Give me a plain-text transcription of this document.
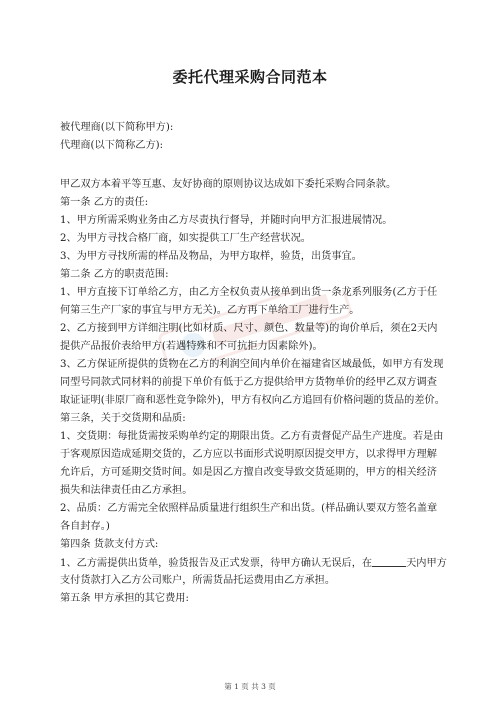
委托代理采购合同范本
被代理商(以下简称甲方):
代理商(以下简称乙方):
甲乙双方本着平等互惠、友好协商的原则协议达成如下委托采购合同条款。
第一条 乙方的责任:
1、甲方所需采购业务由乙方尽责执行督导，并随时向甲方汇报进展情况。
2、为甲方寻找合格厂商，如实提供工厂生产经营状况。
3、为甲方寻找所需的样品及物品，为甲方取样，验货，出货事宜。
第二条 乙方的职责范围:
1、甲方直接下订单给乙方，由乙方全权负责从接单到出货一条龙系列服务(乙方于任
何第三生产厂家的事宜与甲方无关)。乙方再下单给工厂进行生产。
2、乙方接到甲方详细注明(比如材质、尺寸、颜色、数量等)的询价单后，须在2天内
提供产品报价表给甲方(若遇特殊和不可抗拒力因素除外)。
3、乙方保证所提供的货物在乙方的利润空间内单价在福建省区域最低，如甲方有发现
同型号同款式同材料的前提下单价有低于乙方提供给甲方货物单价的经甲乙双方调查
取证证明(非原厂商和恶性竞争除外)，甲方有权向乙方追回有价格问题的货品的差价。
第三条，关于交货期和品质:
1、交货期：每批货需按采购单约定的期限出货。乙方有责督促产品生产进度。若是由
于客观原因造成延期交货的，乙方应以书面形式说明原因提交甲方，以求得甲方理解
允许后，方可延期交货时间。如是因乙方擅自改变导致交货延期的，甲方的相关经济
损失和法律责任由乙方承担。
2、品质：乙方需完全依照样品质量进行组织生产和出货。(样品确认要双方签名盖章
各自封存。)
第四条 货款支付方式:
1、乙方需提供出货单，验货报告及正式发票，待甲方确认无误后，在	天内甲方
支付货款打入乙方公司账户，所需货品托运费用由乙方承担。
第五条 甲方承担的其它费用:
第 1 页 共 3 页
